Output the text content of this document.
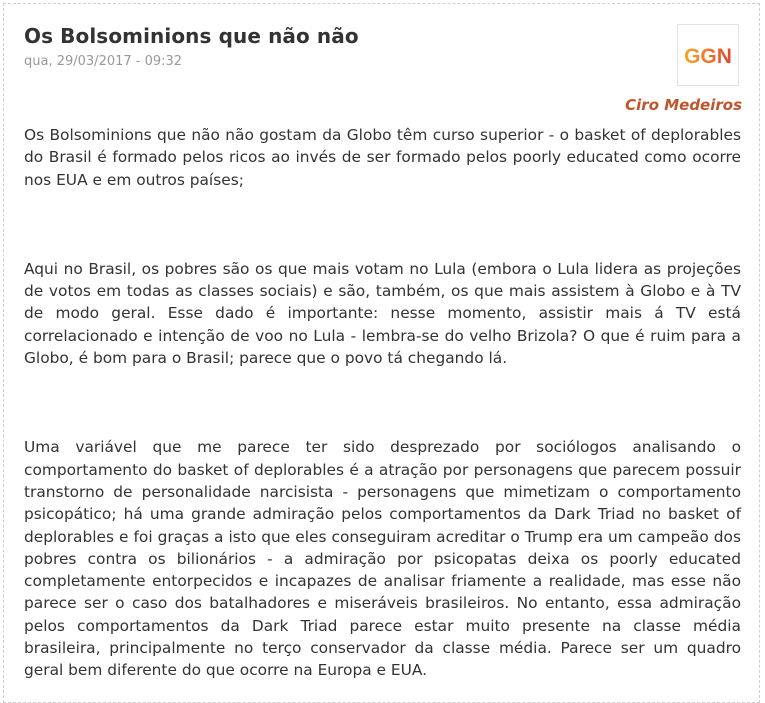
Os Bolsominions que não não
qua, 29/03/2017 - 09:32	GGN
Ciro Medeiros

Os Bolsominions que não não gostam da Globo têm curso superior - o basket of deplorables do Brasil é formado pelos ricos ao invés de ser formado pelos poorly educated como ocorre nos EUA e em outros países;

Aqui no Brasil, os pobres são os que mais votam no Lula (embora o Lula lidera as projeções de votos em todas as classes sociais) e são, também, os que mais assistem à Globo e à TV de modo geral. Esse dado é importante: nesse momento, assistir mais á TV está correlacionado e intenção de voo no Lula - lembra-se do velho Brizola? O que é ruim para a Globo, é bom para o Brasil; parece que o povo tá chegando lá.

Uma variável que me parece ter sido desprezado por sociólogos analisando o comportamento do basket of deplorables é a atração por personagens que parecem possuir transtorno de personalidade narcisista - personagens que mimetizam o comportamento psicopático; há uma grande admiração pelos comportamentos da Dark Triad no basket of deplorables e foi graças a isto que eles conseguiram acreditar o Trump era um campeão dos pobres contra os bilionários - a admiração por psicopatas deixa os poorly educated completamente entorpecidos e incapazes de analisar friamente a realidade, mas esse não parece ser o caso dos batalhadores e miseráveis brasileiros. No entanto, essa admiração pelos comportamentos da Dark Triad parece estar muito presente na classe média brasileira, principalmente no terço conservador da classe média. Parece ser um quadro geral bem diferente do que ocorre na Europa e EUA.
